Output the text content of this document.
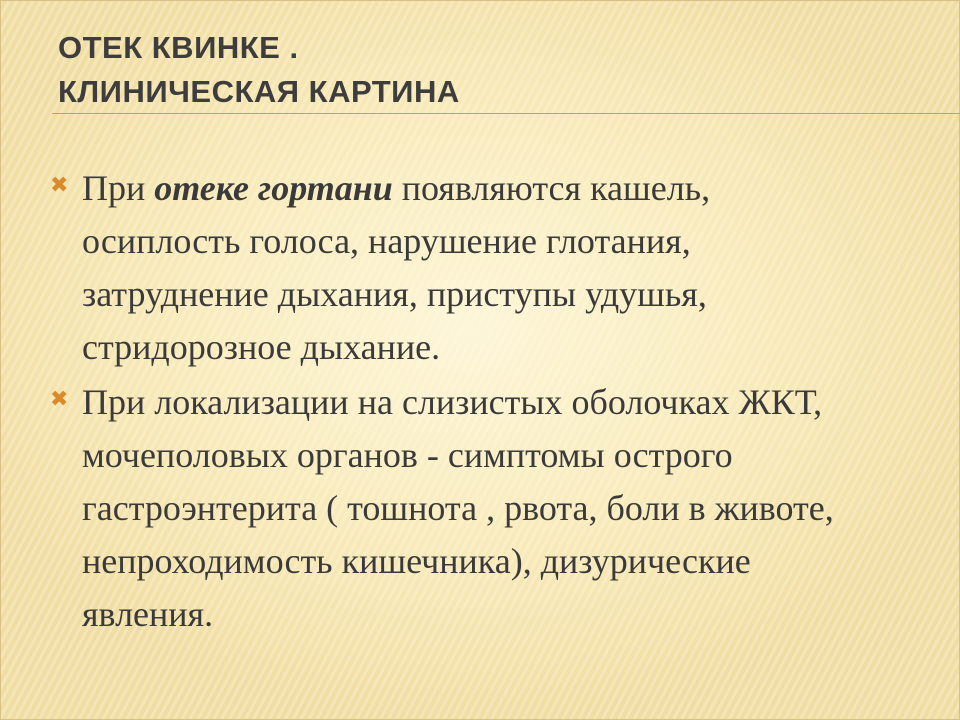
ОТЕК КВИНКЕ .
КЛИНИЧЕСКАЯ КАРТИНА
✖ При отеке гортани появляются кашель, осиплость голоса, нарушение глотания, затруднение дыхания, приступы удушья, стридорозное дыхание.
✖ При локализации на слизистых оболочках ЖКТ, мочеполовых органов - симптомы острого гастроэнтерита ( тошнота , рвота, боли в животе, непроходимость кишечника), дизурические явления.
